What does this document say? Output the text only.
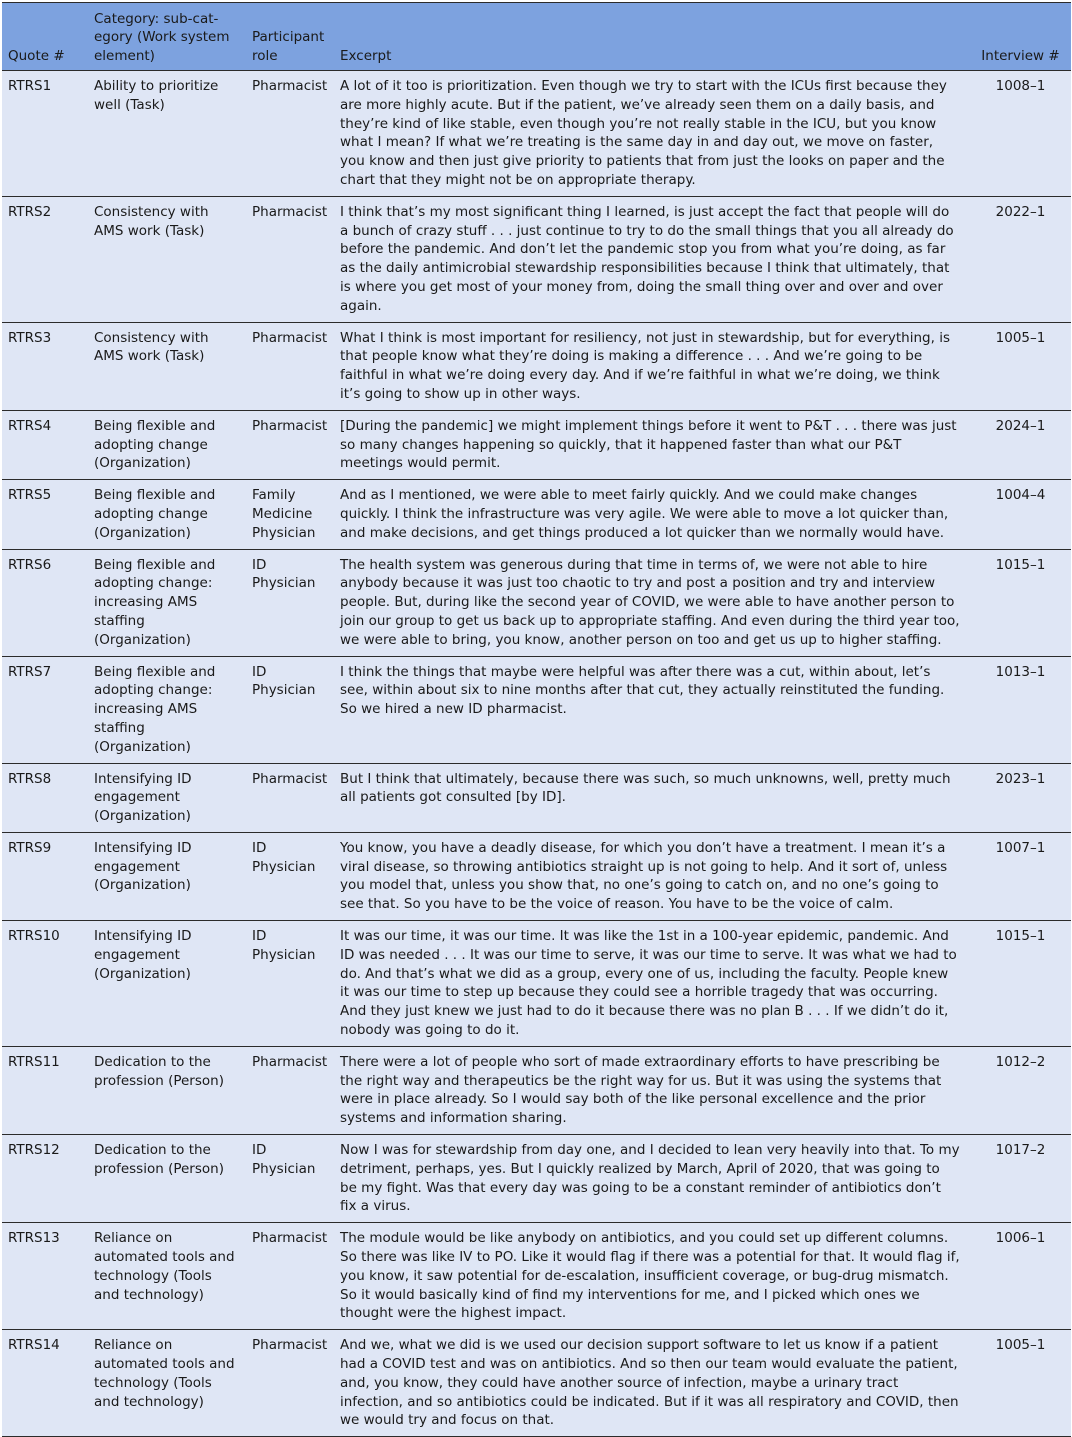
Quote #	Category: sub-cat-egory (Work system element)	Participant role	Excerpt	Interview #
RTRS1	Ability to prioritize well (Task)	Pharmacist	A lot of it too is prioritization. Even though we try to start with the ICUs first because they are more highly acute. But if the patient, we’ve already seen them on a daily basis, and they’re kind of like stable, even though you’re not really stable in the ICU, but you know what I mean? If what we’re treating is the same day in and day out, we move on faster, you know and then just give priority to patients that from just the looks on paper and the chart that they might not be on appropriate therapy.	1008–1
RTRS2	Consistency with AMS work (Task)	Pharmacist	I think that’s my most significant thing I learned, is just accept the fact that people will do a bunch of crazy stuff . . . just continue to try to do the small things that you all already do before the pandemic. And don’t let the pandemic stop you from what you’re doing, as far as the daily antimicrobial stewardship responsibilities because I think that ultimately, that is where you get most of your money from, doing the small thing over and over and over again.	2022–1
RTRS3	Consistency with AMS work (Task)	Pharmacist	What I think is most important for resiliency, not just in stewardship, but for everything, is that people know what they’re doing is making a difference . . . And we’re going to be faithful in what we’re doing every day. And if we’re faithful in what we’re doing, we think it’s going to show up in other ways.	1005–1
RTRS4	Being flexible and adopting change (Organization)	Pharmacist	[During the pandemic] we might implement things before it went to P&T . . . there was just so many changes happening so quickly, that it happened faster than what our P&T meetings would permit.	2024–1
RTRS5	Being flexible and adopting change (Organization)	Family Medicine Physician	And as I mentioned, we were able to meet fairly quickly. And we could make changes quickly. I think the infrastructure was very agile. We were able to move a lot quicker than, and make decisions, and get things produced a lot quicker than we normally would have.	1004–4
RTRS6	Being flexible and adopting change: increasing AMS staffing (Organization)	ID Physician	The health system was generous during that time in terms of, we were not able to hire anybody because it was just too chaotic to try and post a position and try and interview people. But, during like the second year of COVID, we were able to have another person to join our group to get us back up to appropriate staffing. And even during the third year too, we were able to bring, you know, another person on too and get us up to higher staffing.	1015–1
RTRS7	Being flexible and adopting change: increasing AMS staffing (Organization)	ID Physician	I think the things that maybe were helpful was after there was a cut, within about, let’s see, within about six to nine months after that cut, they actually reinstituted the funding. So we hired a new ID pharmacist.	1013–1
RTRS8	Intensifying ID engagement (Organization)	Pharmacist	But I think that ultimately, because there was such, so much unknowns, well, pretty much all patients got consulted [by ID].	2023–1
RTRS9	Intensifying ID engagement (Organization)	ID Physician	You know, you have a deadly disease, for which you don’t have a treatment. I mean it’s a viral disease, so throwing antibiotics straight up is not going to help. And it sort of, unless you model that, unless you show that, no one’s going to catch on, and no one’s going to see that. So you have to be the voice of reason. You have to be the voice of calm.	1007–1
RTRS10	Intensifying ID engagement (Organization)	ID Physician	It was our time, it was our time. It was like the 1st in a 100-year epidemic, pandemic. And ID was needed . . . It was our time to serve, it was our time to serve. It was what we had to do. And that’s what we did as a group, every one of us, including the faculty. People knew it was our time to step up because they could see a horrible tragedy that was occurring. And they just knew we just had to do it because there was no plan B . . . If we didn’t do it, nobody was going to do it.	1015–1
RTRS11	Dedication to the profession (Person)	Pharmacist	There were a lot of people who sort of made extraordinary efforts to have prescribing be the right way and therapeutics be the right way for us. But it was using the systems that were in place already. So I would say both of the like personal excellence and the prior systems and information sharing.	1012–2
RTRS12	Dedication to the profession (Person)	ID Physician	Now I was for stewardship from day one, and I decided to lean very heavily into that. To my detriment, perhaps, yes. But I quickly realized by March, April of 2020, that was going to be my fight. Was that every day was going to be a constant reminder of antibiotics don’t fix a virus.	1017–2
RTRS13	Reliance on automated tools and technology (Tools and technology)	Pharmacist	The module would be like anybody on antibiotics, and you could set up different columns. So there was like IV to PO. Like it would flag if there was a potential for that. It would flag if, you know, it saw potential for de-escalation, insufficient coverage, or bug-drug mismatch. So it would basically kind of find my interventions for me, and I picked which ones we thought were the highest impact.	1006–1
RTRS14	Reliance on automated tools and technology (Tools and technology)	Pharmacist	And we, what we did is we used our decision support software to let us know if a patient had a COVID test and was on antibiotics. And so then our team would evaluate the patient, and, you know, they could have another source of infection, maybe a urinary tract infection, and so antibiotics could be indicated. But if it was all respiratory and COVID, then we would try and focus on that.	1005–1
